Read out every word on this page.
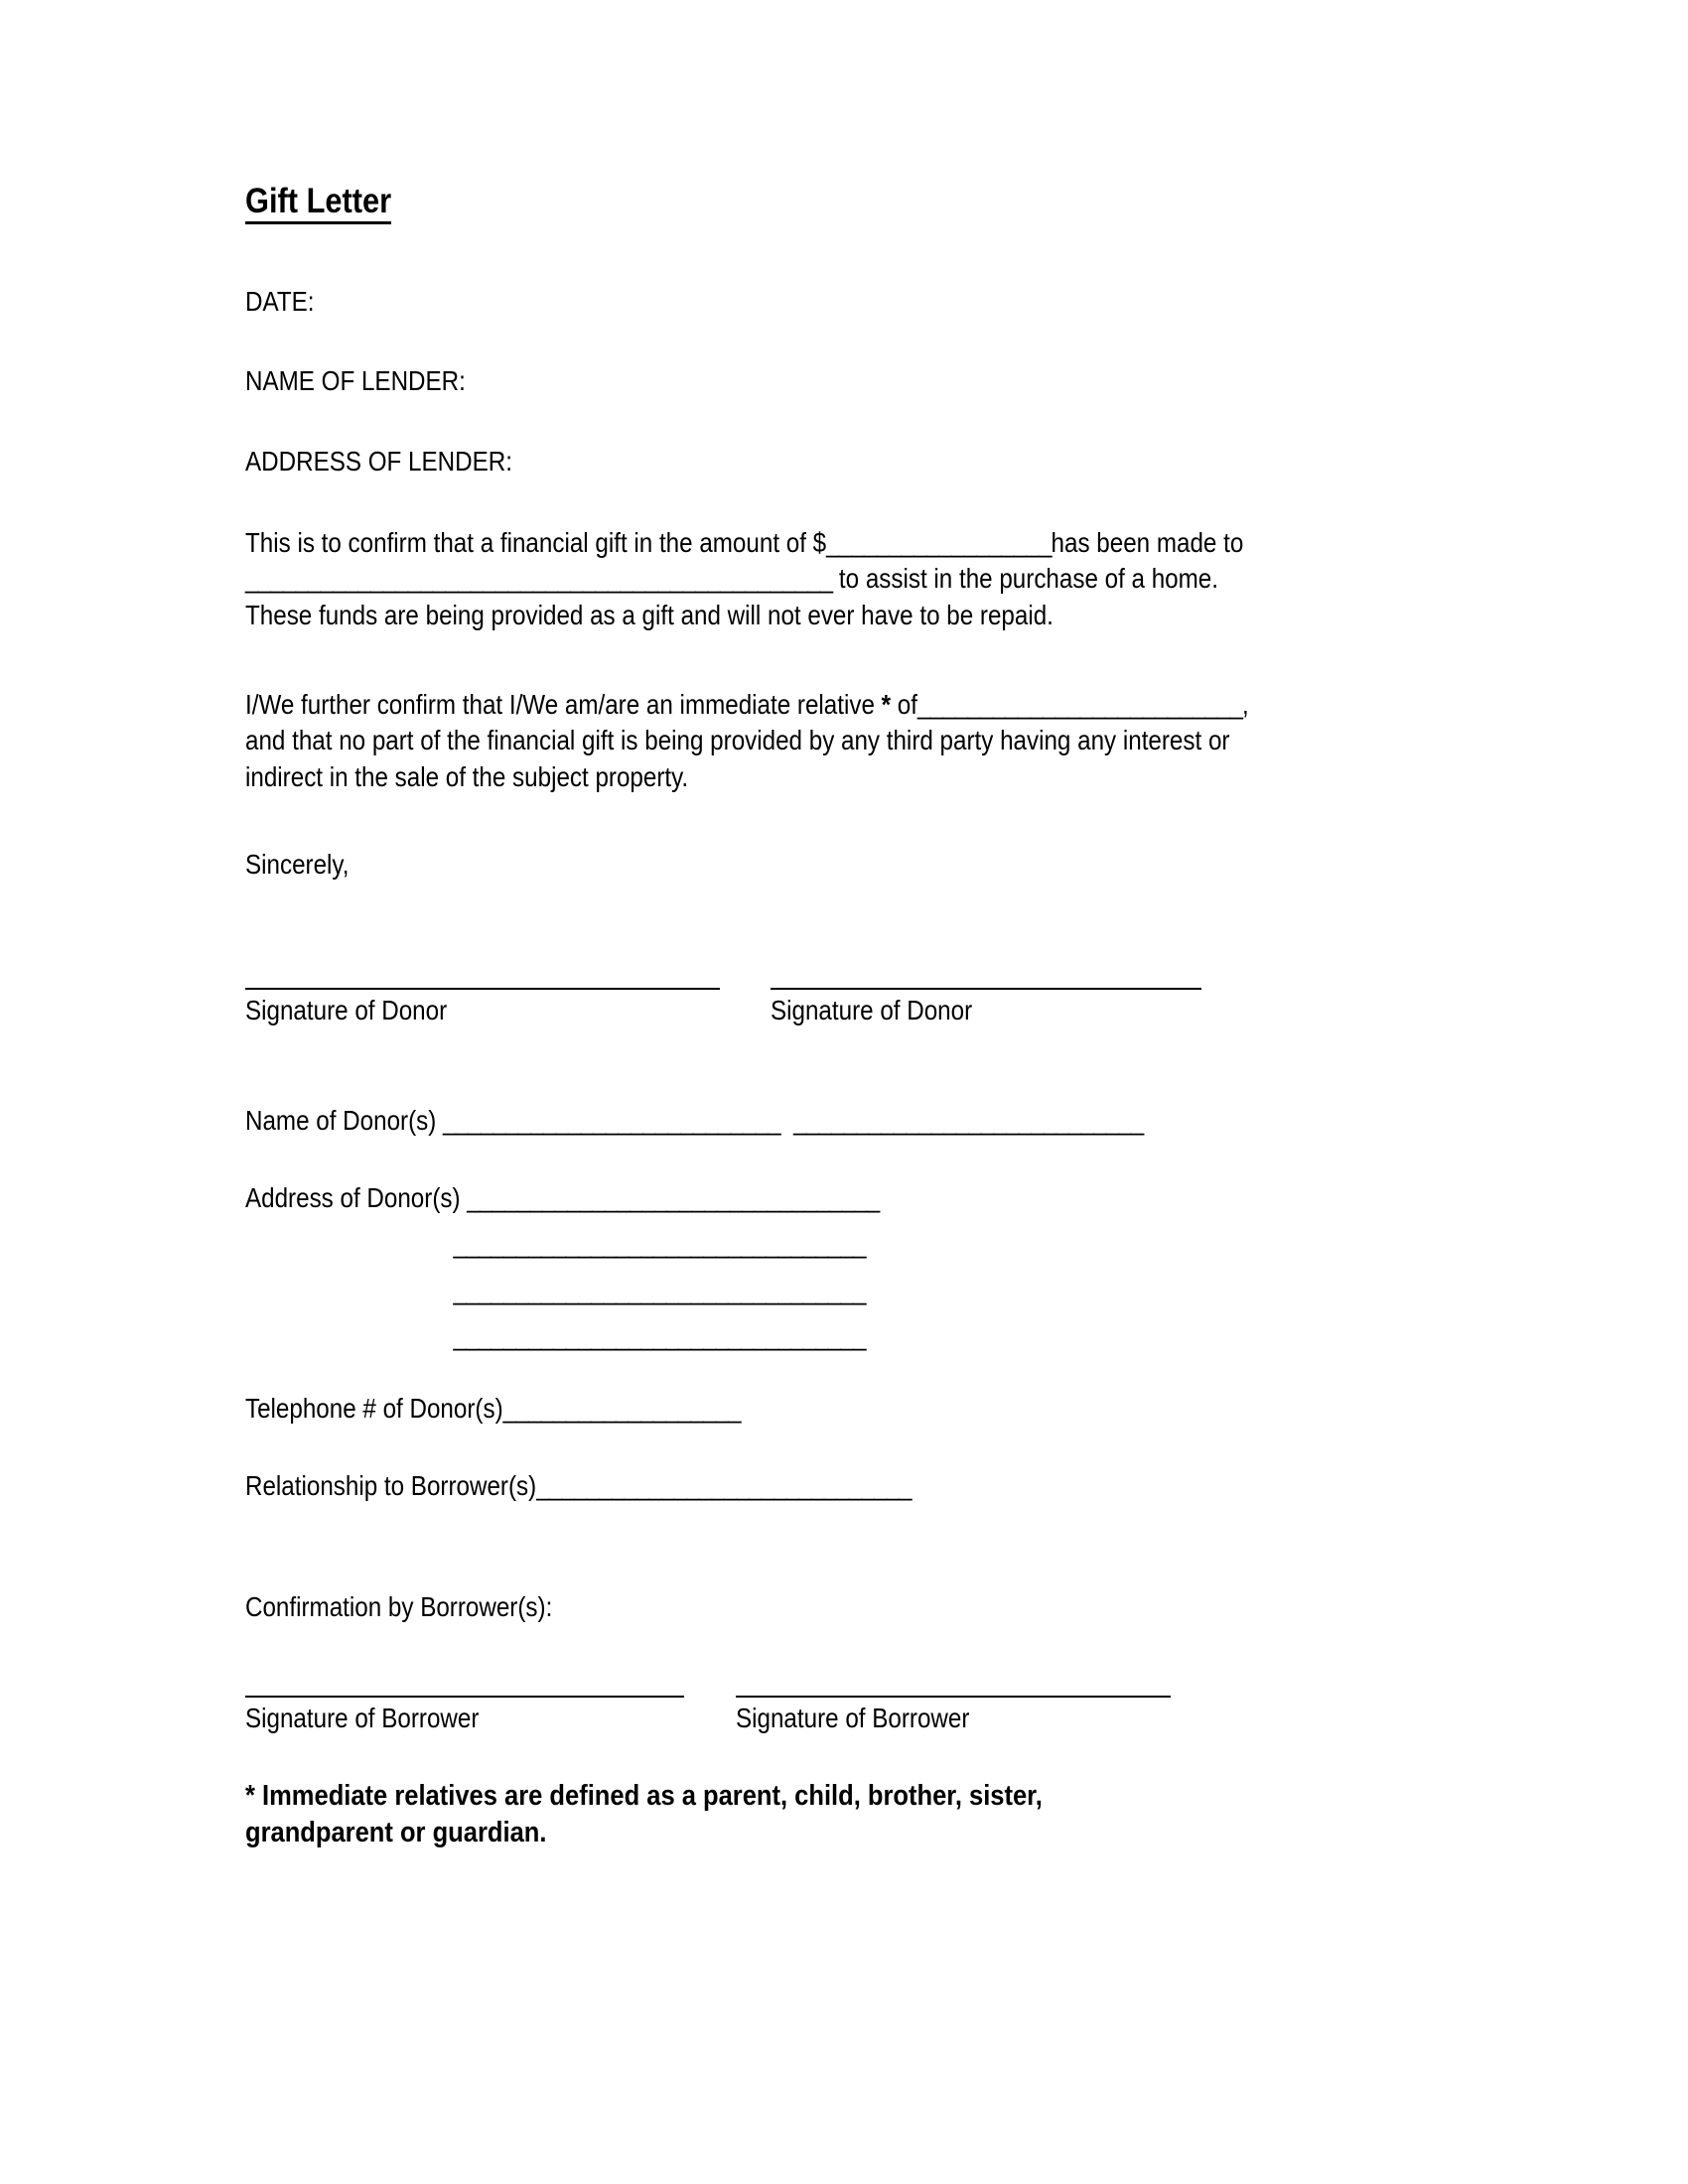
Gift Letter
DATE:
NAME OF LENDER:
ADDRESS OF LENDER:
This is to confirm that a financial gift in the amount of $__________________has been made to
_______________________________________________ to assist in the purchase of a home.
These funds are being provided as a gift and will not ever have to be repaid.
I/We further confirm that I/We am/are an immediate relative * of__________________________,
and that no part of the financial gift is being provided by any third party having any interest or
indirect in the sale of the subject property.
Sincerely,
Signature of Donor	Signature of Donor
Name of Donor(s) ___________________________ ____________________________
Address of Donor(s) _________________________________
_________________________________
_________________________________
_________________________________
Telephone # of Donor(s)___________________
Relationship to Borrower(s)______________________________
Confirmation by Borrower(s):
Signature of Borrower	Signature of Borrower
* Immediate relatives are defined as a parent, child, brother, sister,
grandparent or guardian.
